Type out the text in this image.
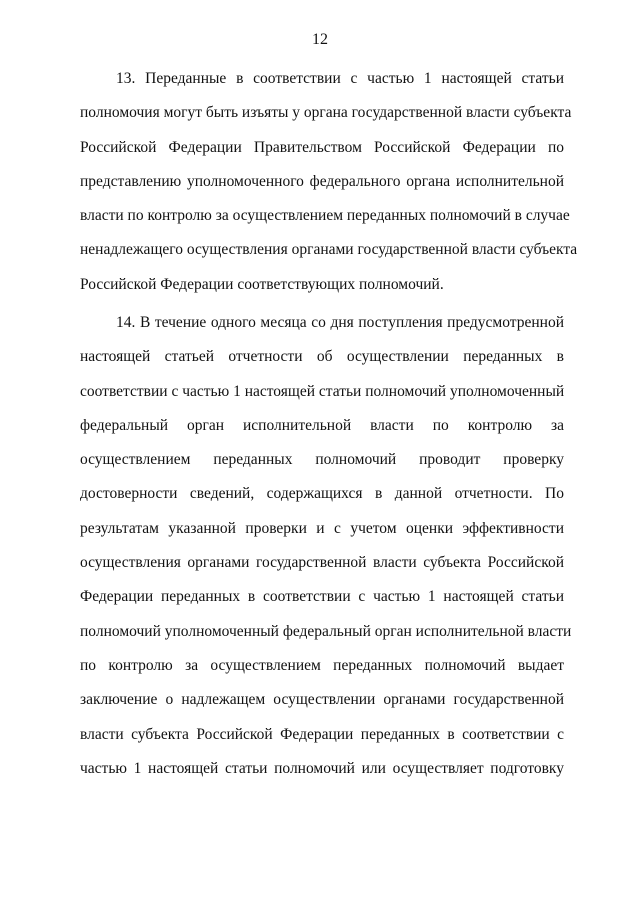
12

13. Переданные в соответствии с частью 1 настоящей статьи
полномочия могут быть изъяты у органа государственной власти субъекта
Российской Федерации Правительством Российской Федерации по
представлению уполномоченного федерального органа исполнительной
власти по контролю за осуществлением переданных полномочий в случае
ненадлежащего осуществления органами государственной власти субъекта
Российской Федерации соответствующих полномочий.

14. В течение одного месяца со дня поступления предусмотренной
настоящей статьей отчетности об осуществлении переданных в
соответствии с частью 1 настоящей статьи полномочий уполномоченный
федеральный орган исполнительной власти по контролю за
осуществлением переданных полномочий проводит проверку
достоверности сведений, содержащихся в данной отчетности. По
результатам указанной проверки и с учетом оценки эффективности
осуществления органами государственной власти субъекта Российской
Федерации переданных в соответствии с частью 1 настоящей статьи
полномочий уполномоченный федеральный орган исполнительной власти
по контролю за осуществлением переданных полномочий выдает
заключение о надлежащем осуществлении органами государственной
власти субъекта Российской Федерации переданных в соответствии с
частью 1 настоящей статьи полномочий или осуществляет подготовку
